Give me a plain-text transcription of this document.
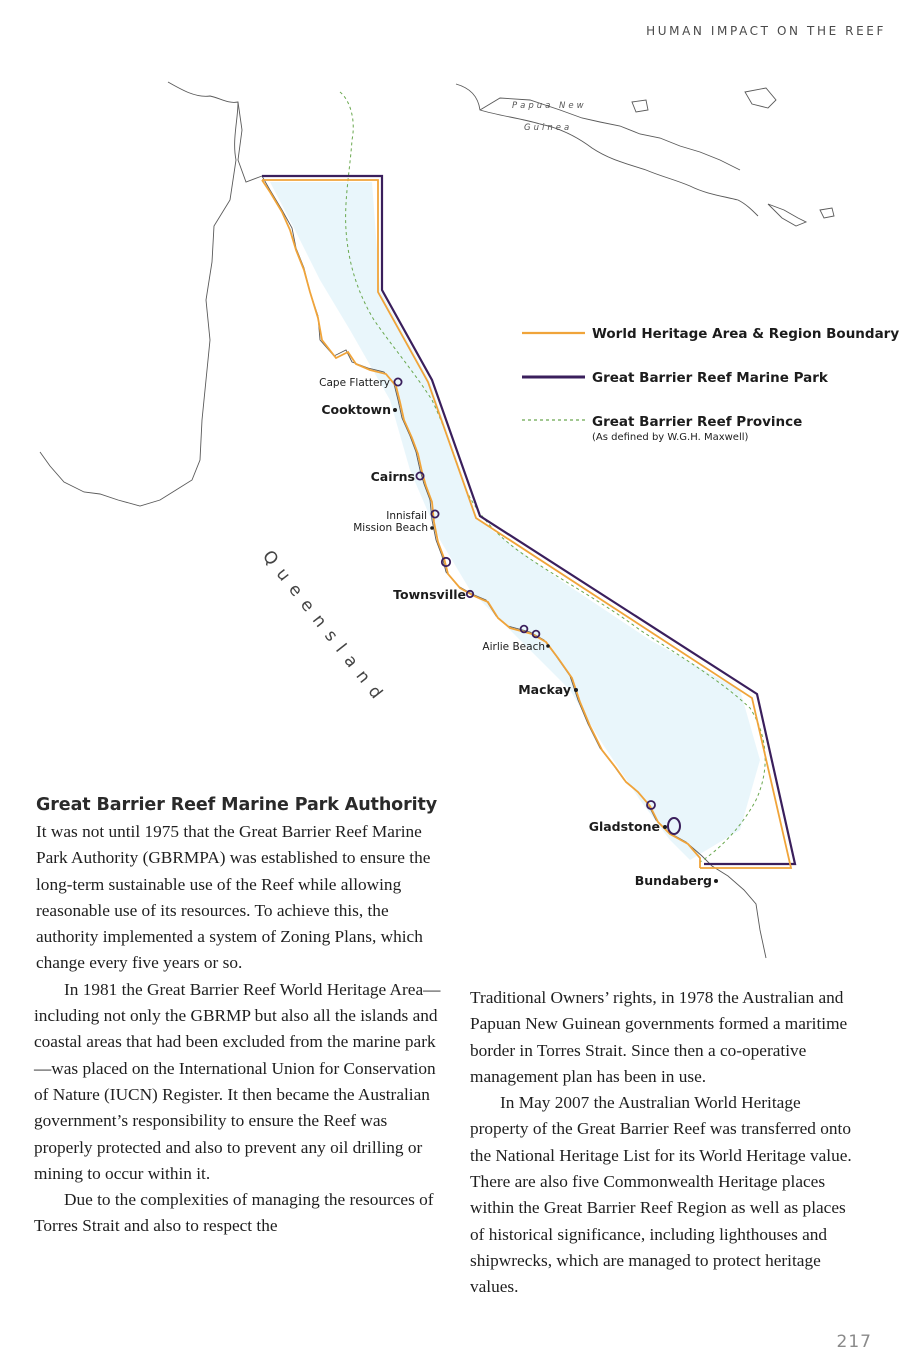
HUMAN IMPACT ON THE REEF
Cape Flattery
Cooktown
Cairns
Innisfail
Mission Beach
Townsville
Airlie Beach
Mackay
Gladstone
Bundaberg
Queensland
Papua New
Guinea
World Heritage Area & Region Boundary
Great Barrier Reef Marine Park
Great Barrier Reef Province
(As defined by W.G.H. Maxwell)
Great Barrier Reef Marine Park Authority

It was not until 1975 that the Great Barrier Reef Marine Park Authority (GBRMPA) was established to ensure the long-term sustainable use of the Reef while allowing reasonable use of its resources. To achieve this, the authority implemented a system of Zoning Plans, which change every five years or so.

In 1981 the Great Barrier Reef World Heritage Area—including not only the GBRMP but also all the islands and coastal areas that had been excluded from the marine park—was placed on the International Union for Conservation of Nature (IUCN) Register. It then became the Australian government’s responsibility to ensure the Reef was properly protected and also to prevent any oil drilling or mining to occur within it.

Due to the complexities of managing the resources of Torres Strait and also to respect the

Traditional Owners’ rights, in 1978 the Australian and Papuan New Guinean governments formed a maritime border in Torres Strait. Since then a co-operative management plan has been in use.

In May 2007 the Australian World Heritage property of the Great Barrier Reef was transferred onto the National Heritage List for its World Heritage value. There are also five Commonwealth Heritage places within the Great Barrier Reef Region as well as places of historical significance, including lighthouses and shipwrecks, which are managed to protect heritage values.

217
